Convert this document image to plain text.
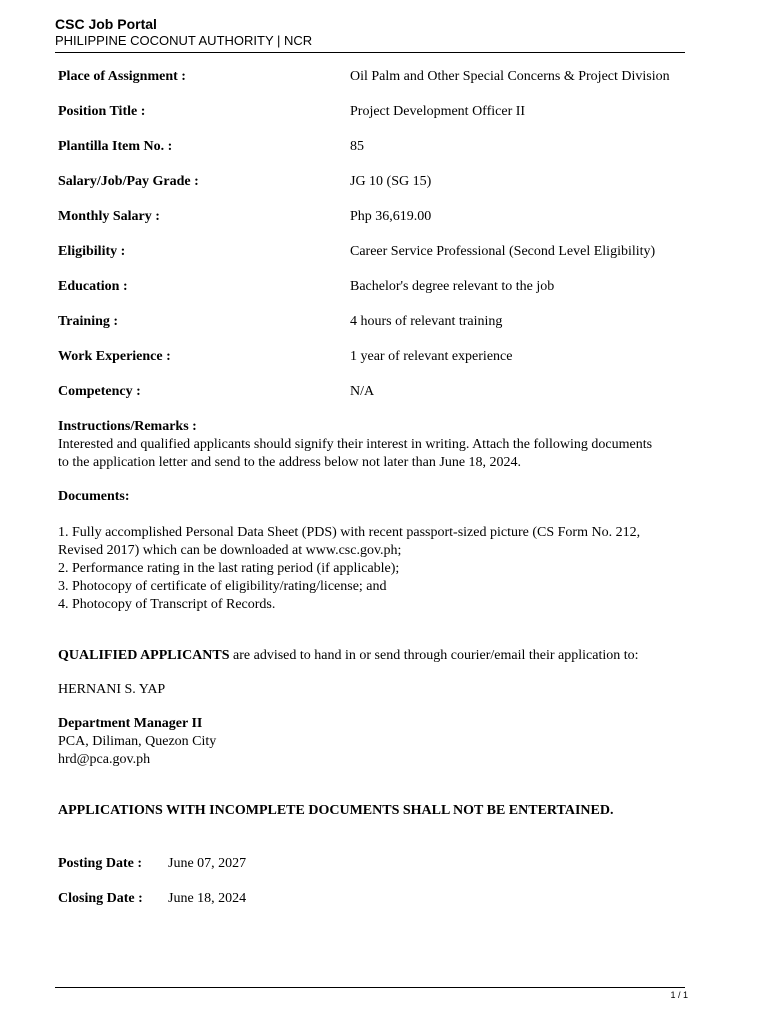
CSC Job Portal
PHILIPPINE COCONUT AUTHORITY | NCR
Place of Assignment :	Oil Palm and Other Special Concerns & Project Division
Position Title :	Project Development Officer II
Plantilla Item No. :	85
Salary/Job/Pay Grade :	JG 10 (SG 15)
Monthly Salary :	Php 36,619.00
Eligibility :	Career Service Professional (Second Level Eligibility)
Education :	Bachelor's degree relevant to the job
Training :	4 hours of relevant training
Work Experience :	1 year of relevant experience
Competency :	N/A

Instructions/Remarks :

Interested and qualified applicants should signify their interest in writing. Attach the following documents

to the application letter and send to the address below not later than June 18, 2024.

Documents:

1. Fully accomplished Personal Data Sheet (PDS) with recent passport-sized picture (CS Form No. 212,

Revised 2017) which can be downloaded at www.csc.gov.ph;

2. Performance rating in the last rating period (if applicable);

3. Photocopy of certificate of eligibility/rating/license; and

4. Photocopy of Transcript of Records.

QUALIFIED APPLICANTS are advised to hand in or send through courier/email their application to:
HERNANI S. YAP

Department Manager II

PCA, Diliman, Quezon City

hrd@pca.gov.ph

APPLICATIONS WITH INCOMPLETE DOCUMENTS SHALL NOT BE ENTERTAINED.
Posting Date :	June 07, 2027
Closing Date :	June 18, 2024
1 / 1
